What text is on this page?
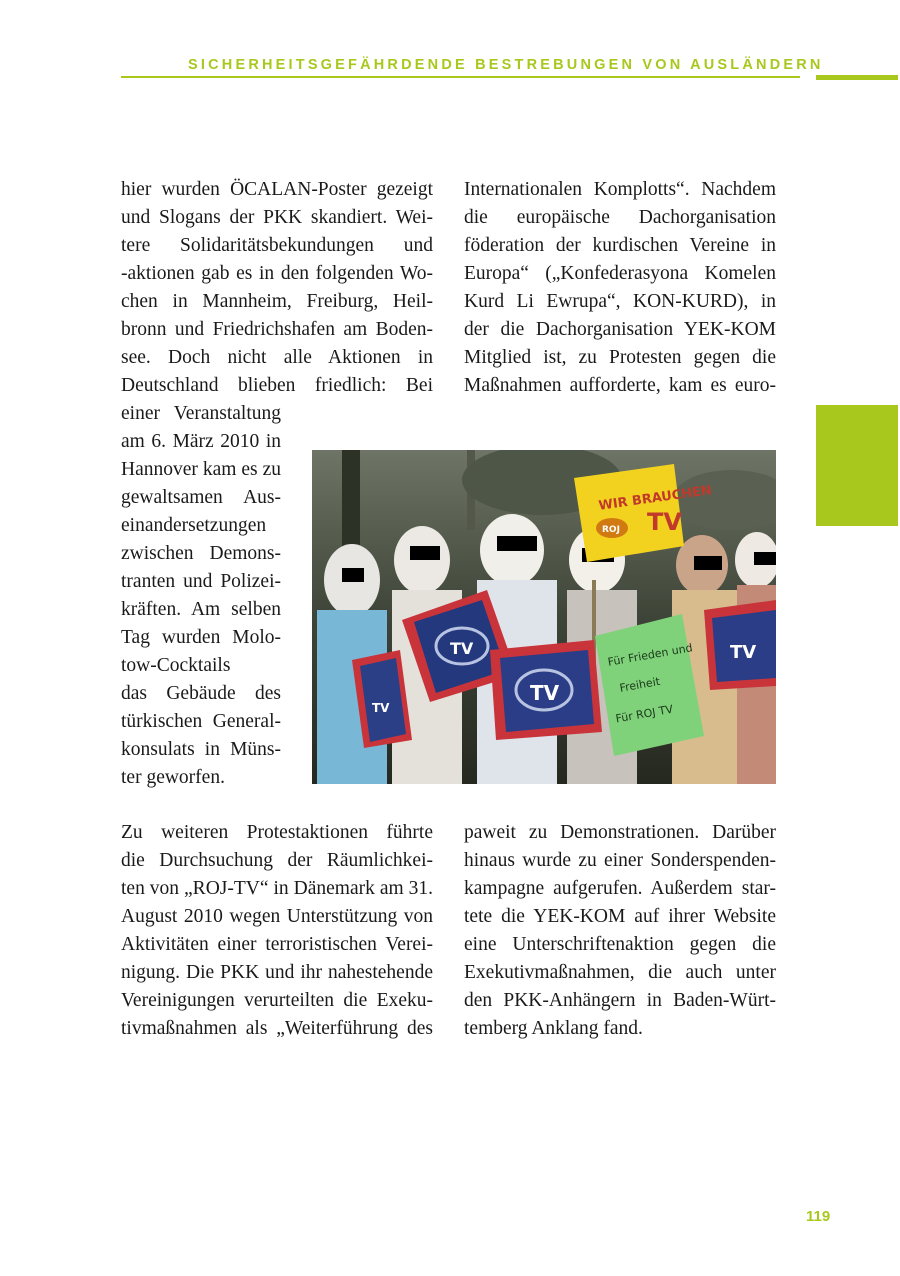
SICHERHEITSGEFÄHRDENDE BESTREBUNGEN VON AUSLÄNDERN
hier wurden ÖCALAN-Poster gezeigt
und Slogans der PKK skandiert. Wei-
tere Solidaritätsbekundungen und
-aktionen gab es in den folgenden Wo-
chen in Mannheim, Freiburg, Heil-
bronn und Friedrichshafen am Boden-
see. Doch nicht alle Aktionen in
Deutschland blieben friedlich: Bei
einer Veranstaltung
am 6. März 2010 in
Hannover kam es zu
gewaltsamen Aus-
einandersetzungen
zwischen Demons-
tranten und Polizei-
kräften. Am selben
Tag wurden Molo-
tow-Cocktails
das Gebäude des
türkischen General-
konsulats in Müns-
ter geworfen.
Internationalen Komplotts“. Nachdem
die europäische Dachorganisation
föderation der kurdischen Vereine in
Europa“ („Konfederasyona Komelen
Kurd Li Ewrupa“, KON-KURD), in
der die Dachorganisation YEK-KOM
Mitglied ist, zu Protesten gegen die
Maßnahmen aufforderte, kam es euro-
Zu weiteren Protestaktionen führte
die Durchsuchung der Räumlichkei-
ten von „ROJ-TV“ in Dänemark am 31.
August 2010 wegen Unterstützung von
Aktivitäten einer terroristischen Verei-
nigung. Die PKK und ihr nahestehende
Vereinigungen verurteilten die Exeku-
tivmaßnahmen als „Weiterführung des
paweit zu Demonstrationen. Darüber
hinaus wurde zu einer Sonderspenden-
kampagne aufgerufen. Außerdem star-
tete die YEK-KOM auf ihrer Website
eine Unterschriftenaktion gegen die
Exekutivmaßnahmen, die auch unter
den PKK-Anhängern in Baden-Würt-
temberg Anklang fand.
WIR BRAUCHEN
ROJ TV
Für Frieden und
Freiheit
Für ROJ TV
TV
TV
TV
TV
119
